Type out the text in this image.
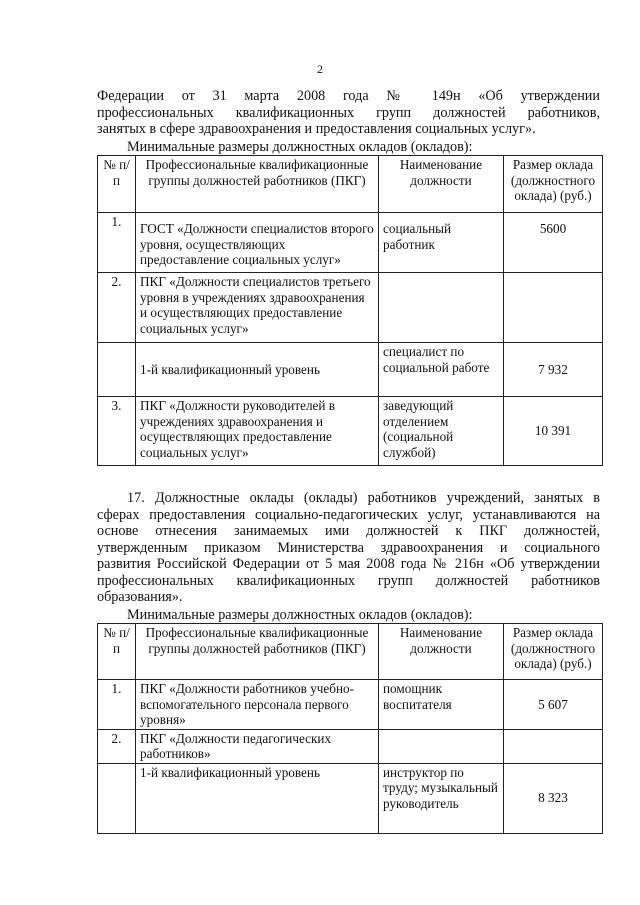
2
Федерации от 31 марта 2008 года № 149н «Об утверждении
профессиональных квалификационных групп должностей работников,
занятых в сфере здравоохранения и предоставления социальных услуг».
Минимальные размеры должностных окладов (окладов):
№ п/п	Профессиональные квалификационные группы должностей работников (ПКГ)	Наименование должности	Размер оклада (должностного оклада) (руб.)
1.	ГОСТ «Должности специалистов второго уровня, осуществляющих предоставление социальных услуг»	социальный работник	5600
2.	ПКГ «Должности специалистов третьего уровня в учреждениях здравоохранения и осуществляющих предоставление социальных услуг»		
	1-й квалификационный уровень	специалист по социальной работе	7 932
3.	ПКГ «Должности руководителей в учреждениях здравоохранения и осуществляющих предоставление социальных услуг»	заведующий отделением (социальной службой)	10 391
17. Должностные оклады (оклады) работников учреждений, занятых в
сферах предоставления социально-педагогических услуг, устанавливаются на
основе отнесения занимаемых ими должностей к ПКГ должностей,
утвержденным приказом Министерства здравоохранения и социального
развития Российской Федерации от 5 мая 2008 года № 216н «Об утверждении
профессиональных квалификационных групп должностей работников
образования».
Минимальные размеры должностных окладов (окладов):
№ п/п	Профессиональные квалификационные группы должностей работников (ПКГ)	Наименование должности	Размер оклада (должностного оклада) (руб.)
1.	ПКГ «Должности работников учебно-вспомогательного персонала первого уровня»	помощник воспитателя	5 607
2.	ПКГ «Должности педагогических работников»		
	1-й квалификационный уровень	инструктор по труду; музыкальный руководитель	8 323
